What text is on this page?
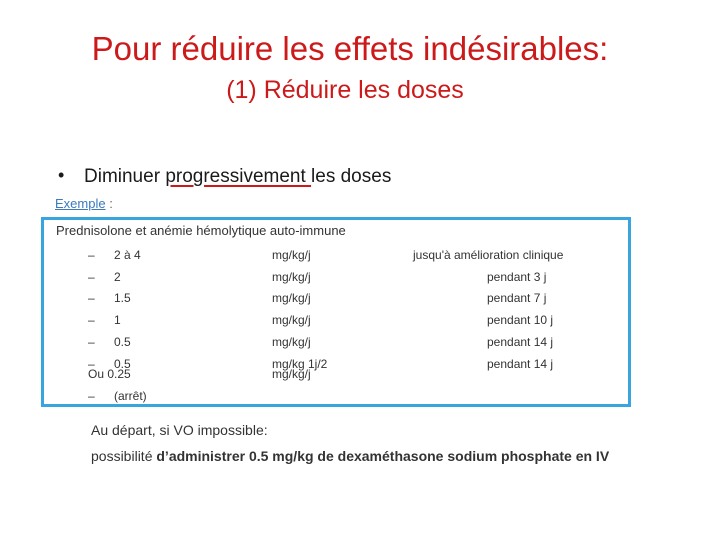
Pour réduire les effets indésirables:
(1) Réduire les doses
• Diminuer progressivement les doses
Exemple :
Prednisolone et anémie hémolytique auto-immune
– 2 à 4	mg/kg/j	jusqu'à amélioration clinique
– 2	mg/kg/j	pendant 3 j
– 1.5	mg/kg/j	pendant 7 j
– 1	mg/kg/j	pendant 10 j
– 0.5	mg/kg/j	pendant 14 j
– 0.5	mg/kg 1j/2	pendant 14 j
Ou 0.25	mg/kg/j
– (arrêt)
Au départ, si VO impossible:
possibilité d’administrer 0.5 mg/kg de dexaméthasone sodium phosphate en IV
